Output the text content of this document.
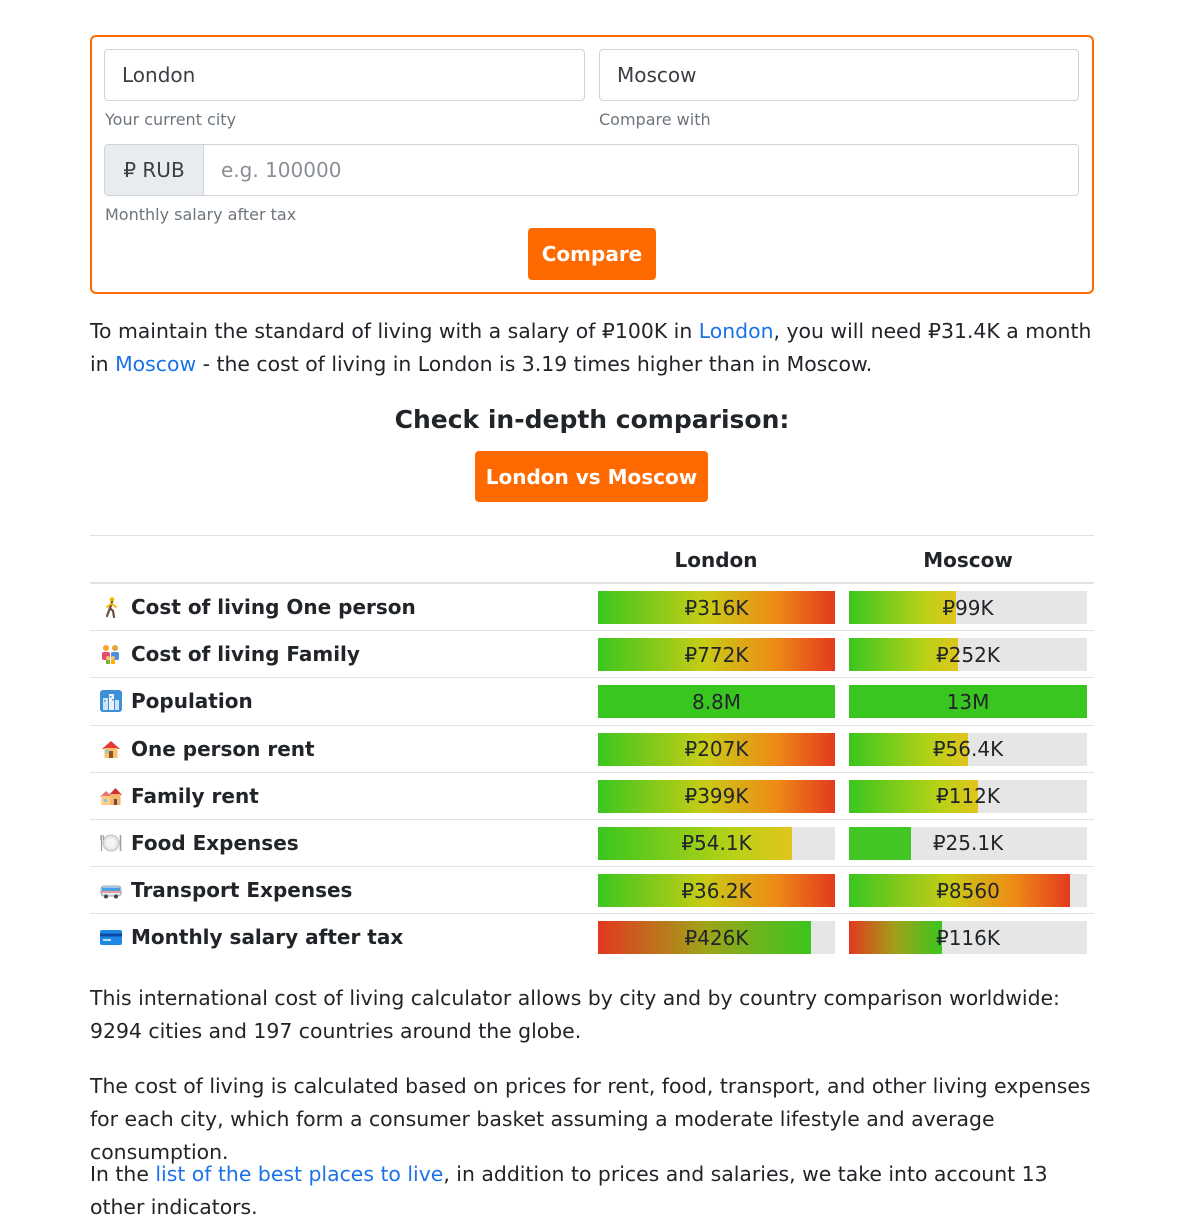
London	Moscow
Your current city	Compare with
₽ RUB
e.g. 100000
Monthly salary after tax
Compare
To maintain the standard of living with a salary of ₽100K in London, you will need ₽31.4K a month in Moscow - the cost of living in London is 3.19 times higher than in Moscow.
Check in-depth comparison:
London vs Moscow
London	Moscow
Cost of living One person	₽316K	₽99K
Cost of living Family	₽772K	₽252K
Population	8.8M	13M
One person rent	₽207K	₽56.4K
Family rent	₽399K	₽112K
Food Expenses	₽54.1K	₽25.1K
Transport Expenses	₽36.2K	₽8560
Monthly salary after tax	₽426K	₽116K
This international cost of living calculator allows by city and by country comparison worldwide: 9294 cities and 197 countries around the globe.
The cost of living is calculated based on prices for rent, food, transport, and other living expenses for each city, which form a consumer basket assuming a moderate lifestyle and average consumption.
In the list of the best places to live, in addition to prices and salaries, we take into account 13 other indicators.
